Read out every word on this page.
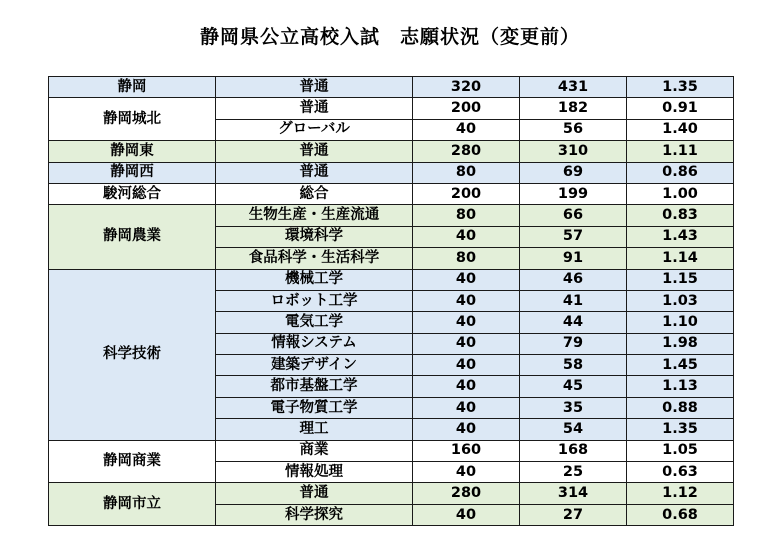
静岡県公立高校入試　志願状況（変更前）
静岡	普通	320	431	1.35
静岡城北	普通	200	182	0.91
	グローバル	40	56	1.40
静岡東	普通	280	310	1.11
静岡西	普通	80	69	0.86
駿河総合	総合	200	199	1.00
静岡農業	生物生産・生産流通	80	66	0.83
	環境科学	40	57	1.43
	食品科学・生活科学	80	91	1.14
科学技術	機械工学	40	46	1.15
	ロボット工学	40	41	1.03
	電気工学	40	44	1.10
	情報システム	40	79	1.98
	建築デザイン	40	58	1.45
	都市基盤工学	40	45	1.13
	電子物質工学	40	35	0.88
	理工	40	54	1.35
静岡商業	商業	160	168	1.05
	情報処理	40	25	0.63
静岡市立	普通	280	314	1.12
	科学探究	40	27	0.68
